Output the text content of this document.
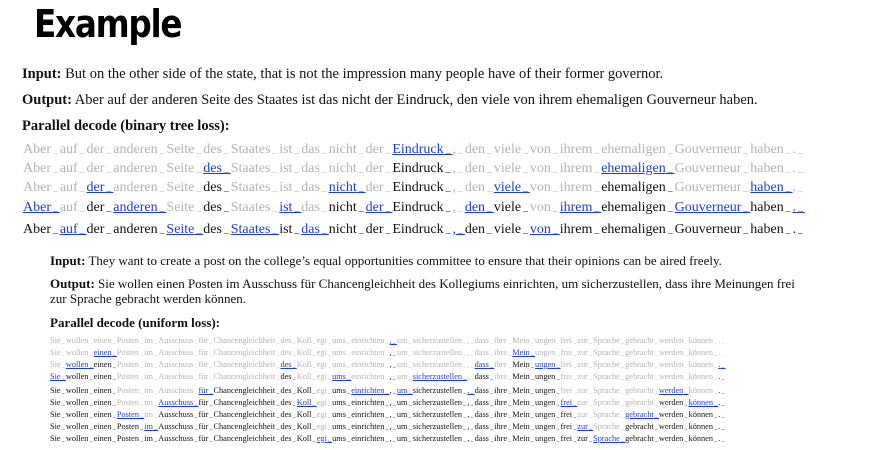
Example
Input: But on the other side of the state, that is not the impression many people have of their former governor.
Output: Aber auf der anderen Seite des Staates ist das nicht der Eindruck, den viele von ihrem ehemaligen Gouverneur haben.
Parallel decode (binary tree loss):
Aber _ auf _ der _ anderen _ Seite _ des _ Staates _ ist _ das _ nicht _ der _ Eindruck _ , _ den _ viele _ von _ ihrem _ ehemaligen _ Gouverneur _ haben _ . _ 
Aber _ auf _ der _ anderen _ Seite _ des _ Staates _ ist _ das _ nicht _ der _ Eindruck _ , _ den _ viele _ von _ ihrem _ ehemaligen _ Gouverneur _ haben _ . _ 
Aber _ auf _ der _ anderen _ Seite _ des _ Staates _ ist _ das _ nicht _ der _ Eindruck _ , _ den _ viele _ von _ ihrem _ ehemaligen _ Gouverneur _ haben _ . _ 
Aber _ auf _ der _ anderen _ Seite _ des _ Staates _ ist _ das _ nicht _ der _ Eindruck _ , _ den _ viele _ von _ ihrem _ ehemaligen _ Gouverneur _ haben _ . _ 
Aber _ auf _ der _ anderen _ Seite _ des _ Staates _ ist _ das _ nicht _ der _ Eindruck _ , _ den _ viele _ von _ ihrem _ ehemaligen _ Gouverneur _ haben _ . _ 
Input: They want to create a post on the college’s equal opportunities committee to ensure that their opinions can be aired freely.
Output: Sie wollen einen Posten im Ausschuss für Chancengleichheit des Kollegiums einrichten, um sicherzustellen, dass ihre Meinungen frei zur Sprache gebracht werden können.
Parallel decode (uniform loss):
Sie _ wollen _ einen _ Posten _ im _ Ausschuss _ für _ Chancengleichheit _ des _ Koll _ egi _ ums _ einrichten _ , _ um _ sicherzustellen _ , _ dass _ ihre _ Mein _ ungen _ frei _ zur _ Sprache _ gebracht _ werden _ können _ . _ 
Sie _ wollen _ einen _ Posten _ im _ Ausschuss _ für _ Chancengleichheit _ des _ Koll _ egi _ ums _ einrichten _ , _ um _ sicherzustellen _ , _ dass _ ihre _ Mein _ ungen _ frei _ zur _ Sprache _ gebracht _ werden _ können _ . _ 
Sie _ wollen _ einen _ Posten _ im _ Ausschuss _ für _ Chancengleichheit _ des _ Koll _ egi _ ums _ einrichten _ , _ um _ sicherzustellen _ , _ dass _ ihre _ Mein _ ungen _ frei _ zur _ Sprache _ gebracht _ werden _ können _ . _ 
Sie _ wollen _ einen _ Posten _ im _ Ausschuss _ für _ Chancengleichheit _ des _ Koll _ egi _ ums _ einrichten _ , _ um _ sicherzustellen _ , _ dass _ ihre _ Mein _ ungen _ frei _ zur _ Sprache _ gebracht _ werden _ können _ . _ 
Sie _ wollen _ einen _ Posten _ im _ Ausschuss _ für _ Chancengleichheit _ des _ Koll _ egi _ ums _ einrichten _ , _ um _ sicherzustellen _ , _ dass _ ihre _ Mein _ ungen _ frei _ zur _ Sprache _ gebracht _ werden _ können _ . _ 
Sie _ wollen _ einen _ Posten _ im _ Ausschuss _ für _ Chancengleichheit _ des _ Koll _ egi _ ums _ einrichten _ , _ um _ sicherzustellen _ , _ dass _ ihre _ Mein _ ungen _ frei _ zur _ Sprache _ gebracht _ werden _ können _ . _ 
Sie _ wollen _ einen _ Posten _ im _ Ausschuss _ für _ Chancengleichheit _ des _ Koll _ egi _ ums _ einrichten _ , _ um _ sicherzustellen _ , _ dass _ ihre _ Mein _ ungen _ frei _ zur _ Sprache _ gebracht _ werden _ können _ . _ 
Sie _ wollen _ einen _ Posten _ im _ Ausschuss _ für _ Chancengleichheit _ des _ Koll _ egi _ ums _ einrichten _ , _ um _ sicherzustellen _ , _ dass _ ihre _ Mein _ ungen _ frei _ zur _ Sprache _ gebracht _ werden _ können _ . _ 
Sie _ wollen _ einen _ Posten _ im _ Ausschuss _ für _ Chancengleichheit _ des _ Koll _ egi _ ums _ einrichten _ , _ um _ sicherzustellen _ , _ dass _ ihre _ Mein _ ungen _ frei _ zur _ Sprache _ gebracht _ werden _ können _ . _ 
